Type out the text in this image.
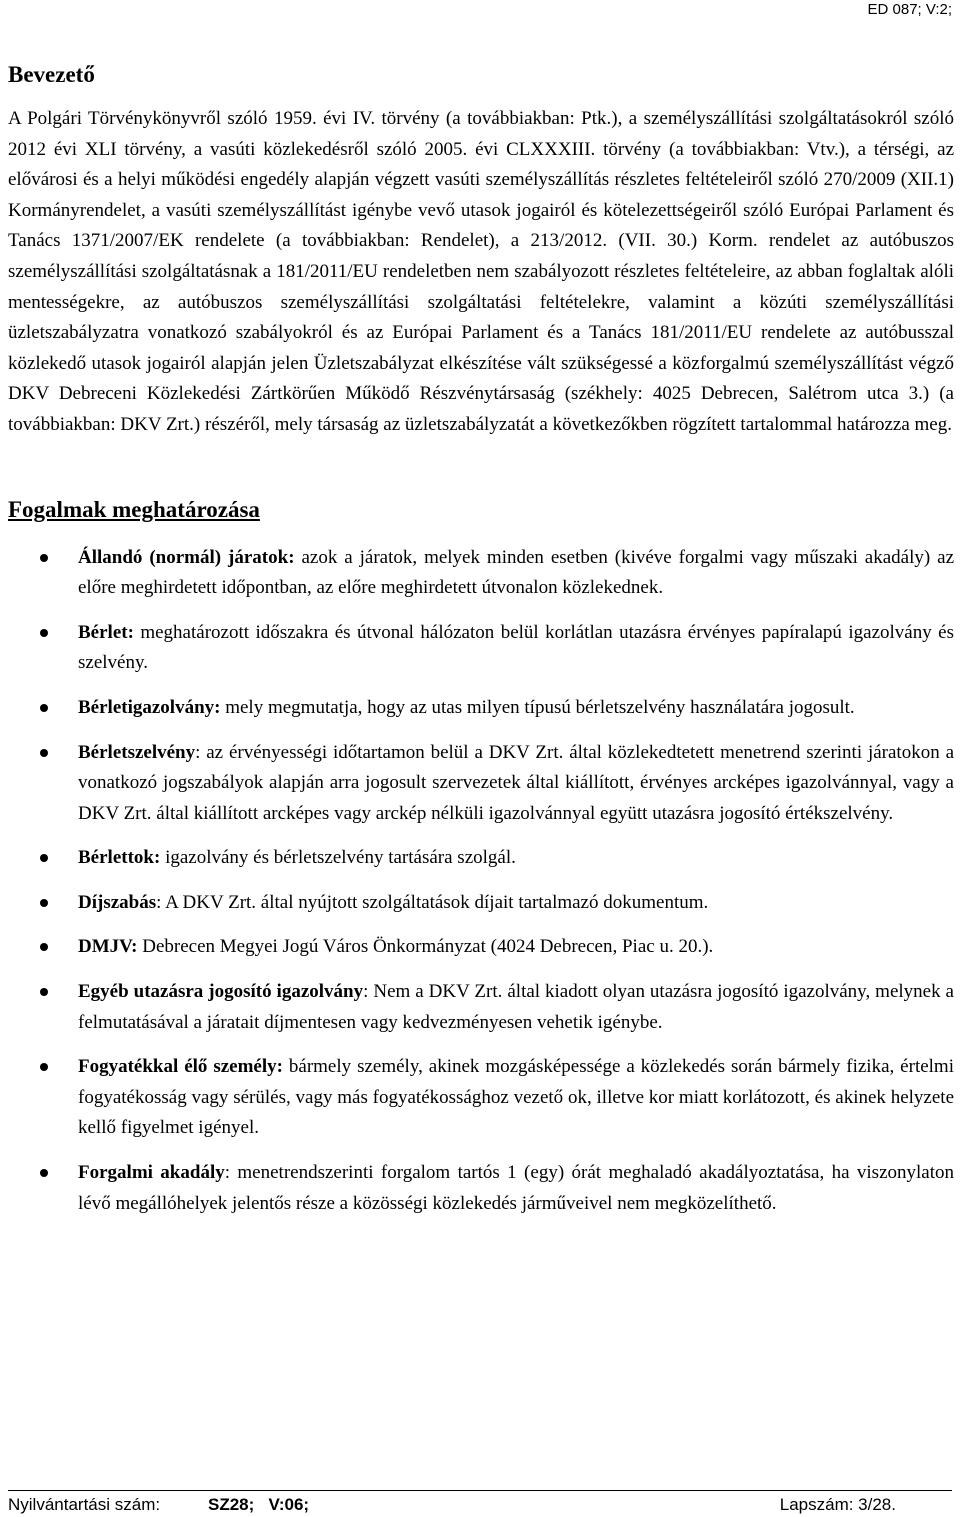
ED 087; V:2;
Bevezető

A Polgári Törvénykönyvről szóló 1959. évi IV. törvény (a továbbiakban: Ptk.), a személyszállítási szolgáltatásokról szóló 2012 évi XLI törvény, a vasúti közlekedésről szóló 2005. évi CLXXXIII. törvény (a továbbiakban: Vtv.), a térségi, az elővárosi és a helyi működési engedély alapján végzett vasúti személyszállítás részletes feltételeiről szóló 270/2009 (XII.1) Kormányrendelet, a vasúti személyszállítást igénybe vevő utasok jogairól és kötelezettségeiről szóló Európai Parlament és Tanács 1371/2007/EK rendelete (a továbbiakban: Rendelet), a 213/2012. (VII. 30.) Korm. rendelet az autóbuszos személyszállítási szolgáltatásnak a 181/2011/EU rendeletben nem szabályozott részletes feltételeire, az abban foglaltak alóli mentességekre, az autóbuszos személyszállítási szolgáltatási feltételekre, valamint a közúti személyszállítási üzletszabályzatra vonatkozó szabályokról és az Európai Parlament és a Tanács 181/2011/EU rendelete az autóbusszal közlekedő utasok jogairól alapján jelen Üzletszabályzat elkészítése vált szükségessé a közforgalmú személyszállítást végző DKV Debreceni Közlekedési Zártkörűen Működő Részvénytársaság (székhely: 4025 Debrecen, Salétrom utca 3.) (a továbbiakban: DKV Zrt.) részéről, mely társaság az üzletszabályzatát a következőkben rögzített tartalommal határozza meg.

Fogalmak meghatározása
Állandó (normál) járatok: azok a járatok, melyek minden esetben (kivéve forgalmi vagy műszaki akadály) az előre meghirdetett időpontban, az előre meghirdetett útvonalon közlekednek.
Bérlet: meghatározott időszakra és útvonal hálózaton belül korlátlan utazásra érvényes papíralapú igazolvány és szelvény.
Bérletigazolvány: mely megmutatja, hogy az utas milyen típusú bérletszelvény használatára jogosult.
Bérletszelvény: az érvényességi időtartamon belül a DKV Zrt. által közlekedtetett menetrend szerinti járatokon a vonatkozó jogszabályok alapján arra jogosult szervezetek által kiállított, érvényes arcképes igazolvánnyal, vagy a DKV Zrt. által kiállított arcképes vagy arckép nélküli igazolvánnyal együtt utazásra jogosító értékszelvény.
Bérlettok: igazolvány és bérletszelvény tartására szolgál.
Díjszabás: A DKV Zrt. által nyújtott szolgáltatások díjait tartalmazó dokumentum.
DMJV: Debrecen Megyei Jogú Város Önkormányzat (4024 Debrecen, Piac u. 20.).
Egyéb utazásra jogosító igazolvány: Nem a DKV Zrt. által kiadott olyan utazásra jogosító igazolvány, melynek a felmutatásával a járatait díjmentesen vagy kedvezményesen vehetik igénybe.
Fogyatékkal élő személy: bármely személy, akinek mozgásképessége a közlekedés során bármely fizika, értelmi fogyatékosság vagy sérülés, vagy más fogyatékossághoz vezető ok, illetve kor miatt korlátozott, és akinek helyzete kellő figyelmet igényel.
Forgalmi akadály: menetrendszerinti forgalom tartós 1 (egy) órát meghaladó akadályoztatása, ha viszonylaton lévő megállóhelyek jelentős része a közösségi közlekedés járműveivel nem megközelíthető.
Nyilvántartási szám:	SZ28;   V:06;	Lapszám: 3/28.
